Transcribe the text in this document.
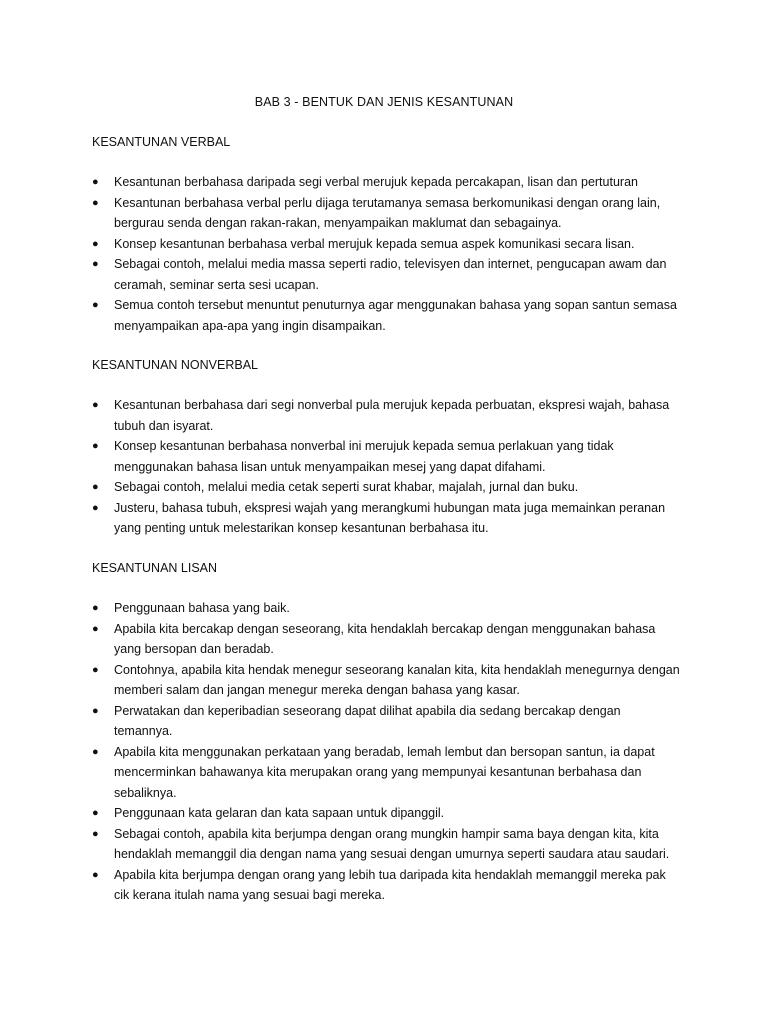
BAB 3 - BENTUK DAN JENIS KESANTUNAN
KESANTUNAN VERBAL
●	Kesantunan berbahasa daripada segi verbal merujuk kepada percakapan, lisan dan pertuturan
●	Kesantunan berbahasa verbal perlu dijaga terutamanya semasa berkomunikasi dengan orang lain, bergurau senda dengan rakan-rakan, menyampaikan maklumat dan sebagainya.
●	Konsep kesantunan berbahasa verbal merujuk kepada semua aspek komunikasi secara lisan.
●	Sebagai contoh, melalui media massa seperti radio, televisyen dan internet, pengucapan awam dan ceramah, seminar serta sesi ucapan.
●	Semua contoh tersebut menuntut penuturnya agar menggunakan bahasa yang sopan santun semasa menyampaikan apa-apa yang ingin disampaikan.
KESANTUNAN NONVERBAL
●	Kesantunan berbahasa dari segi nonverbal pula merujuk kepada perbuatan, ekspresi wajah, bahasa tubuh dan isyarat.
●	Konsep kesantunan berbahasa nonverbal ini merujuk kepada semua perlakuan yang tidak menggunakan bahasa lisan untuk menyampaikan mesej yang dapat difahami.
●	Sebagai contoh, melalui media cetak seperti surat khabar, majalah, jurnal dan buku.
●	Justeru, bahasa tubuh, ekspresi wajah yang merangkumi hubungan mata juga memainkan peranan yang penting untuk melestarikan konsep kesantunan berbahasa itu.
KESANTUNAN LISAN
●	Penggunaan bahasa yang baik.
●	Apabila kita bercakap dengan seseorang, kita hendaklah bercakap dengan menggunakan bahasa yang bersopan dan beradab.
●	Contohnya, apabila kita hendak menegur seseorang kanalan kita, kita hendaklah menegurnya dengan memberi salam dan jangan menegur mereka dengan bahasa yang kasar.
●	Perwatakan dan keperibadian seseorang dapat dilihat apabila dia sedang bercakap dengan temannya.
●	Apabila kita menggunakan perkataan yang beradab, lemah lembut dan bersopan santun, ia dapat mencerminkan bahawanya kita merupakan orang yang mempunyai kesantunan berbahasa dan sebaliknya.
●	Penggunaan kata gelaran dan kata sapaan untuk dipanggil.
●	Sebagai contoh, apabila kita berjumpa dengan orang mungkin hampir sama baya dengan kita, kita hendaklah memanggil dia dengan nama yang sesuai dengan umurnya seperti saudara atau saudari.
●	Apabila kita berjumpa dengan orang yang lebih tua daripada kita hendaklah memanggil mereka pak cik kerana itulah nama yang sesuai bagi mereka.
